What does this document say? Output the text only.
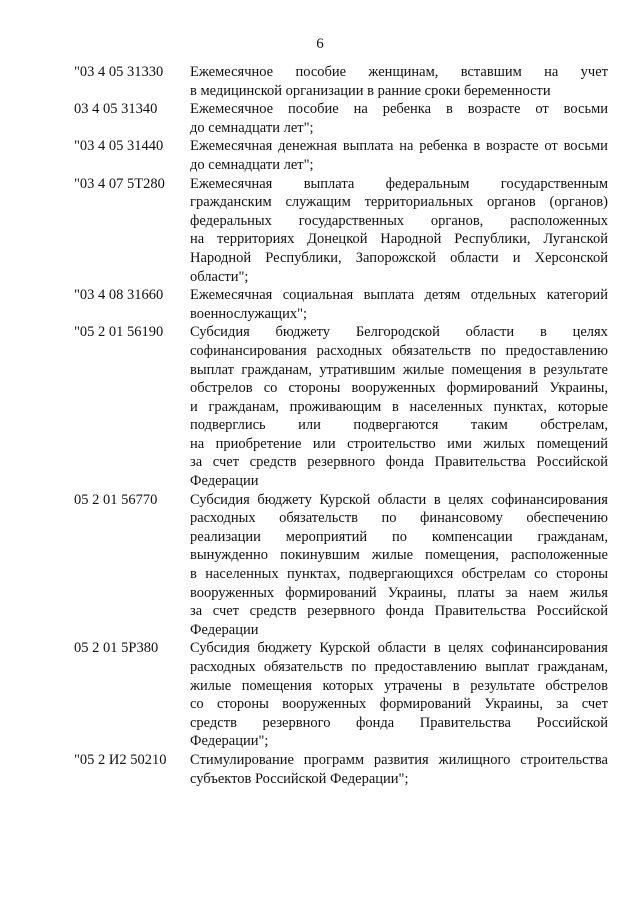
6
"03 4 05 31330	Ежемесячное пособие женщинам, вставшим на учет
в медицинской организации в ранние сроки беременности
03 4 05 31340	Ежемесячное пособие на ребенка в возрасте от восьми
до семнадцати лет";
"03 4 05 31440	Ежемесячная денежная выплата на ребенка в возрасте от восьми
до семнадцати лет";
"03 4 07 5Т280	Ежемесячная выплата федеральным государственным
гражданским служащим территориальных органов (органов)
федеральных государственных органов, расположенных
на территориях Донецкой Народной Республики, Луганской
Народной Республики, Запорожской области и Херсонской
области";
"03 4 08 31660	Ежемесячная социальная выплата детям отдельных категорий
военнослужащих";
"05 2 01 56190	Субсидия бюджету Белгородской области в целях
софинансирования расходных обязательств по предоставлению
выплат гражданам, утратившим жилые помещения в результате
обстрелов со стороны вооруженных формирований Украины,
и гражданам, проживающим в населенных пунктах, которые
подверглись или подвергаются таким обстрелам,
на приобретение или строительство ими жилых помещений
за счет средств резервного фонда Правительства Российской
Федерации
05 2 01 56770	Субсидия бюджету Курской области в целях софинансирования
расходных обязательств по финансовому обеспечению
реализации мероприятий по компенсации гражданам,
вынужденно покинувшим жилые помещения, расположенные
в населенных пунктах, подвергающихся обстрелам со стороны
вооруженных формирований Украины, платы за наем жилья
за счет средств резервного фонда Правительства Российской
Федерации
05 2 01 5Р380	Субсидия бюджету Курской области в целях софинансирования
расходных обязательств по предоставлению выплат гражданам,
жилые помещения которых утрачены в результате обстрелов
со стороны вооруженных формирований Украины, за счет
средств резервного фонда Правительства Российской
Федерации";
"05 2 И2 50210	Стимулирование программ развития жилищного строительства
субъектов Российской Федерации";
